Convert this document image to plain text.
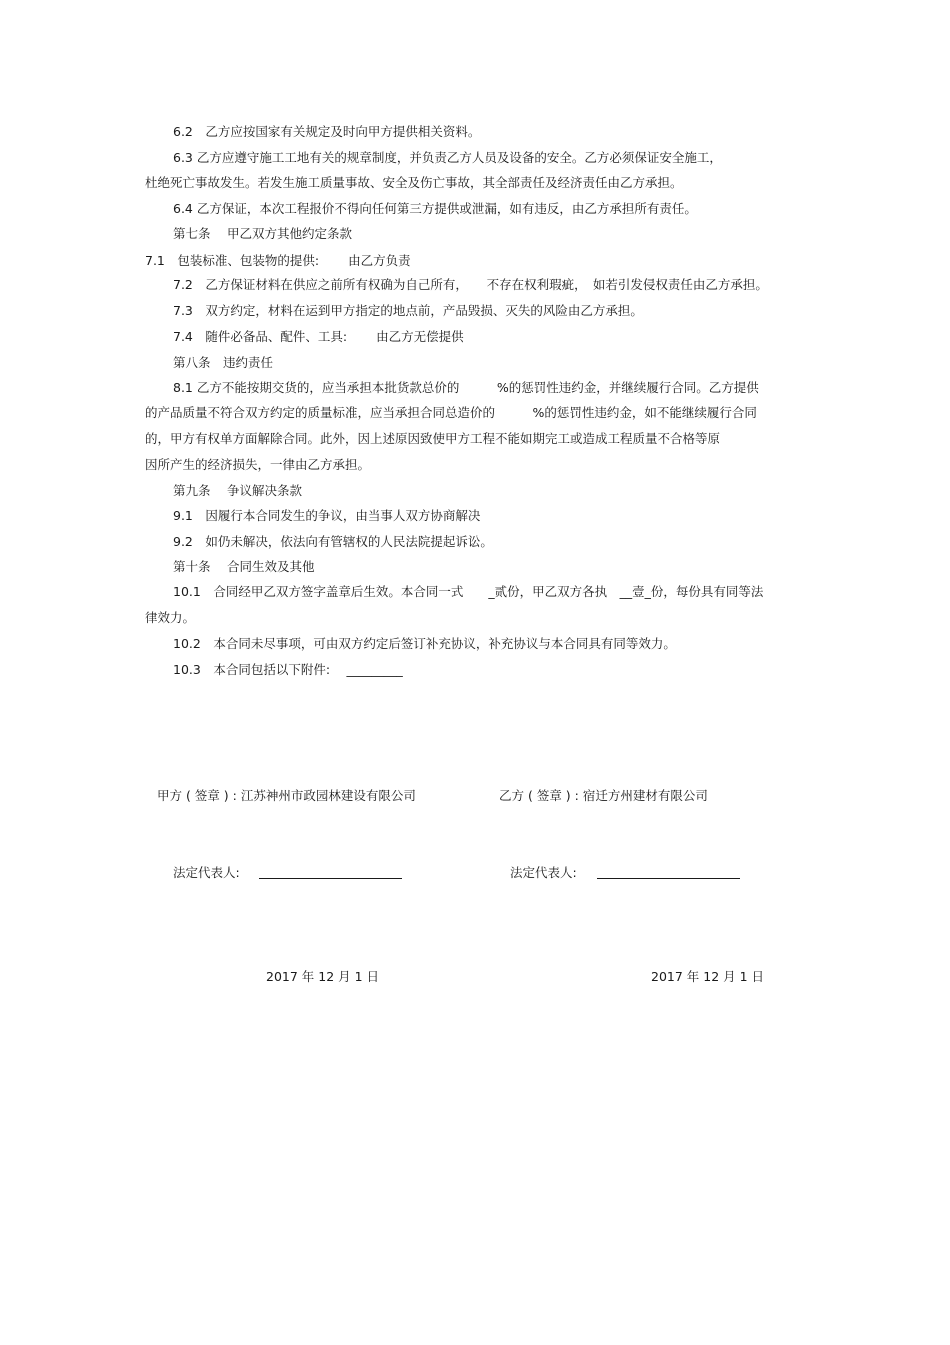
6.2　乙方应按国家有关规定及时向甲方提供相关资料。

6.3 乙方应遵守施工工地有关的规章制度，并负责乙方人员及设备的安全。乙方必须保证安全施工，

杜绝死亡事故发生。若发生施工质量事故、安全及伤亡事故，其全部责任及经济责任由乙方承担。

6.4 乙方保证，本次工程报价不得向任何第三方提供或泄漏，如有违反，由乙方承担所有责任。

第七条　 甲乙双方其他约定条款

7.1　包装标准、包装物的提供:　　 由乙方负责

7.2　乙方保证材料在供应之前所有权确为自己所有，　　不存在权利瑕疵，　如若引发侵权责任由乙方承担。

7.3　双方约定，材料在运到甲方指定的地点前，产品毁损、灭失的风险由乙方承担。

7.4　随件必备品、配件、工具:　　 由乙方无偿提供

第八条　违约责任

8.1 乙方不能按期交货的，应当承担本批货款总价的　　　%的惩罚性违约金，并继续履行合同。乙方提供

的产品质量不符合双方约定的质量标准，应当承担合同总造价的　　　%的惩罚性违约金，如不能继续履行合同

的，甲方有权单方面解除合同。此外，因上述原因致使甲方工程不能如期完工或造成工程质量不合格等原

因所产生的经济损失，一律由乙方承担。

第九条　 争议解决条款

9.1　因履行本合同发生的争议，由当事人双方协商解决

9.2　如仍未解决，依法向有管辖权的人民法院提起诉讼。

第十条　 合同生效及其他

10.1　合同经甲乙双方签字盖章后生效。本合同一式　　_贰份，甲乙双方各执　__壹_份，每份具有同等法

律效力。

10.2　本合同未尽事项，可由双方约定后签订补充协议，补充协议与本合同具有同等效力。

10.3　本合同包括以下附件:　 _________

甲方 ( 签章 ) : 江苏神州市政园林建设有限公司	乙方 ( 签章 ) : 宿迁方州建材有限公司
法定代表人:	法定代表人:
2017 年 12 月 1 日	2017 年 12 月 1 日
